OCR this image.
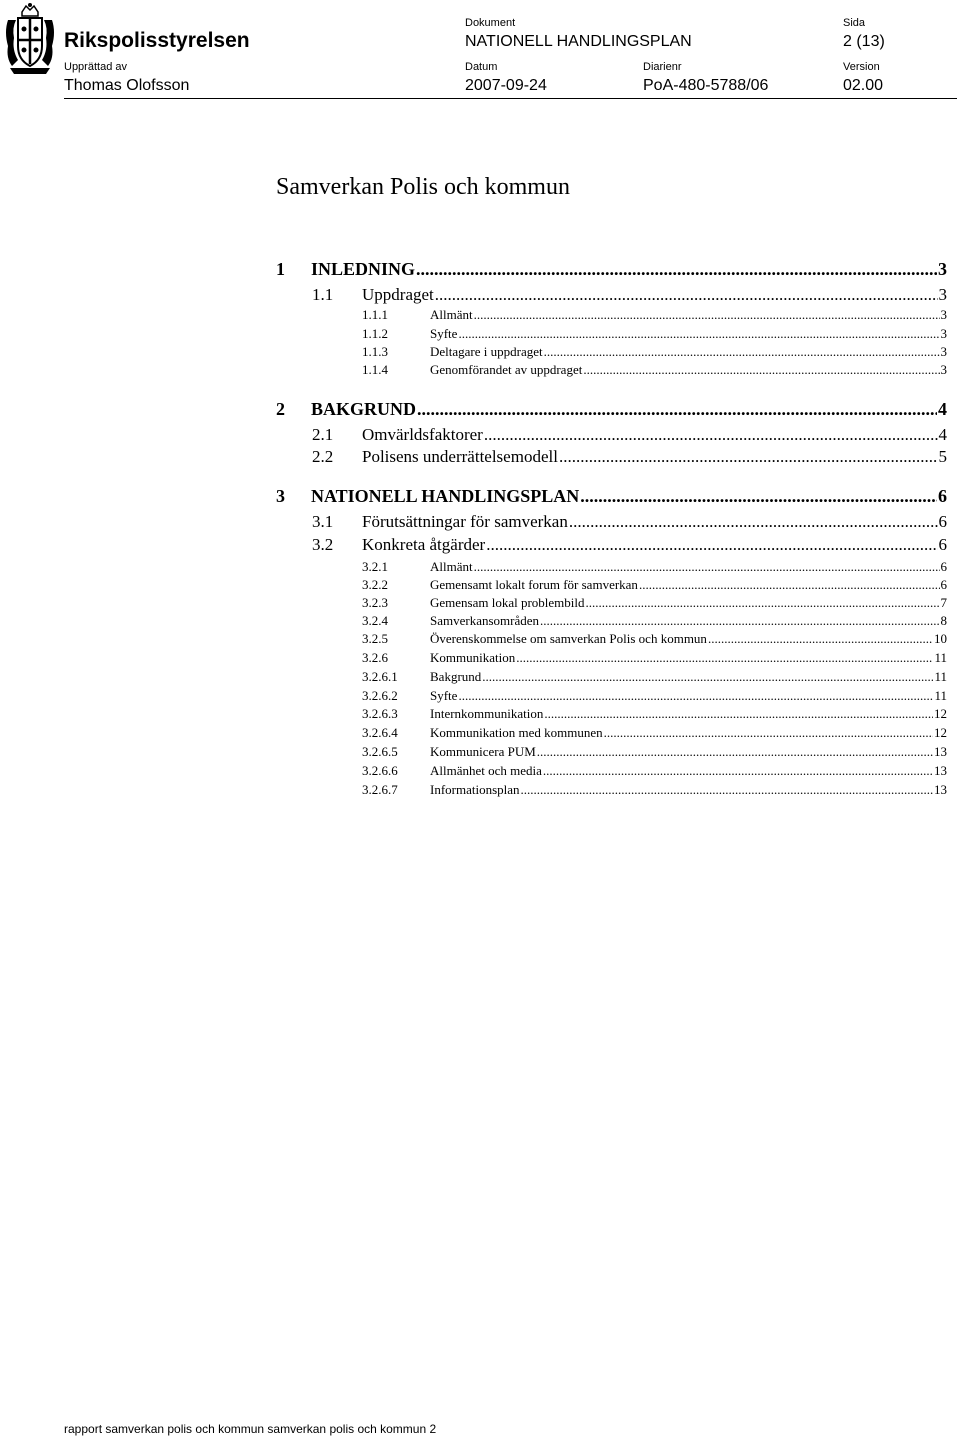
Rikspolisstyrelsen
Dokument
NATIONELL HANDLINGSPLAN
Sida
2 (13)
Upprättad av
Thomas Olofsson
Datum
2007-09-24
Diarienr
PoA-480-5788/06
Version
02.00
Samverkan Polis och kommun
1	INLEDNING .....	3
1.1	Uppdraget .....	3
1.1.1	Allmänt .....	3
1.1.2	Syfte .....	3
1.1.3	Deltagare i uppdraget .....	3
1.1.4	Genomförandet av uppdraget .....	3
2	BAKGRUND .....	4
2.1	Omvärldsfaktorer .....	4
2.2	Polisens underrättelsemodell .....	5
3	NATIONELL HANDLINGSPLAN .....	6
3.1	Förutsättningar för samverkan .....	6
3.2	Konkreta åtgärder .....	6
3.2.1	Allmänt .....	6
3.2.2	Gemensamt lokalt forum för samverkan .....	6
3.2.3	Gemensam lokal problembild .....	7
3.2.4	Samverkansområden .....	8
3.2.5	Överenskommelse om samverkan Polis och kommun .....	10
3.2.6	Kommunikation .....	11
3.2.6.1	Bakgrund .....	11
3.2.6.2	Syfte .....	11
3.2.6.3	Internkommunikation .....	12
3.2.6.4	Kommunikation med kommunen .....	12
3.2.6.5	Kommunicera PUM .....	13
3.2.6.6	Allmänhet och media .....	13
3.2.6.7	Informationsplan .....	13
rapport samverkan polis och kommun samverkan polis och kommun 2
